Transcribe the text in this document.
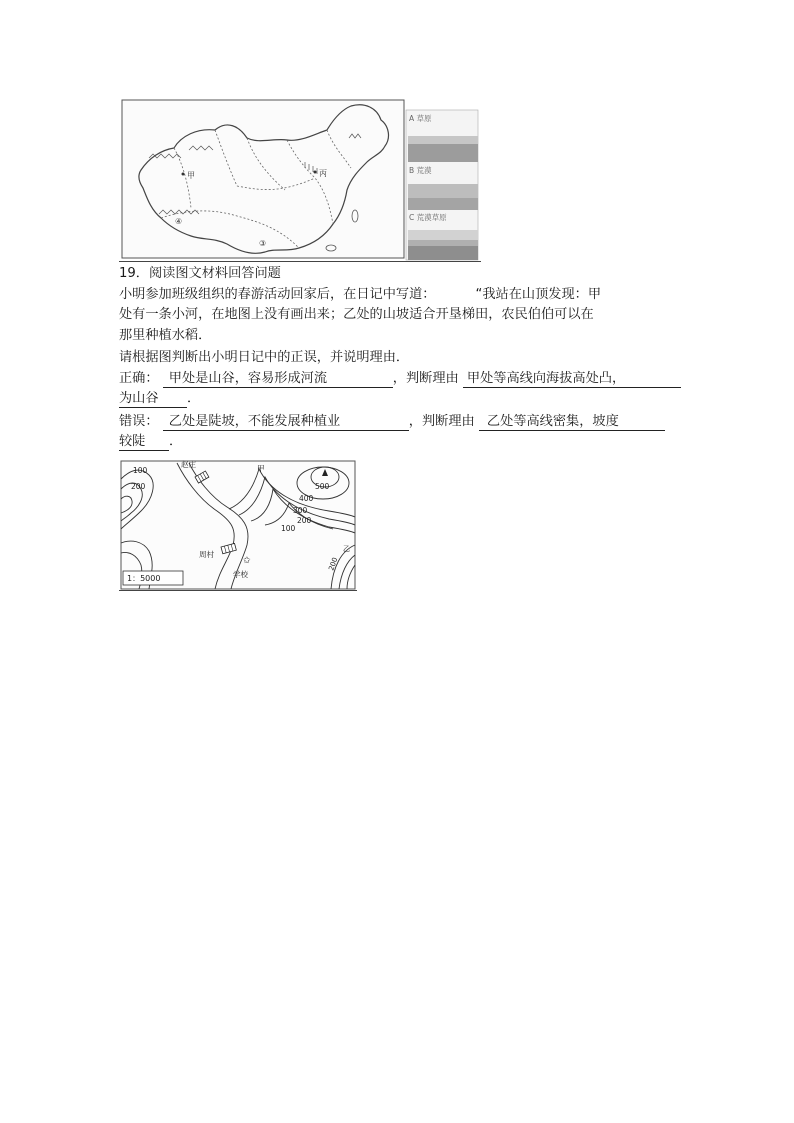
甲	丙
④
③
A 草原
B 荒漠
C 荒漠草原
19．阅读图文材料回答问题
小明参加班级组织的春游活动回家后，在日记中写道：	“我站在山顶发现：甲
处有一条小河，在地图上没有画出来；乙处的山坡适合开垦梯田，农民伯伯可以在
那里种植水稻．
请根据图判断出小明日记中的正误，并说明理由．
正确： 甲处是山谷，容易形成河流	，判断理由 甲处等高线向海拔高处凸，
为山谷 ．
错误： 乙处是陡坡，不能发展种植业	，判断理由 乙处等高线密集，坡度
较陡 ．
100
200	500
400
300
200
100
200
赵庄	甲
周村
✩
学校
乙
1：5000
